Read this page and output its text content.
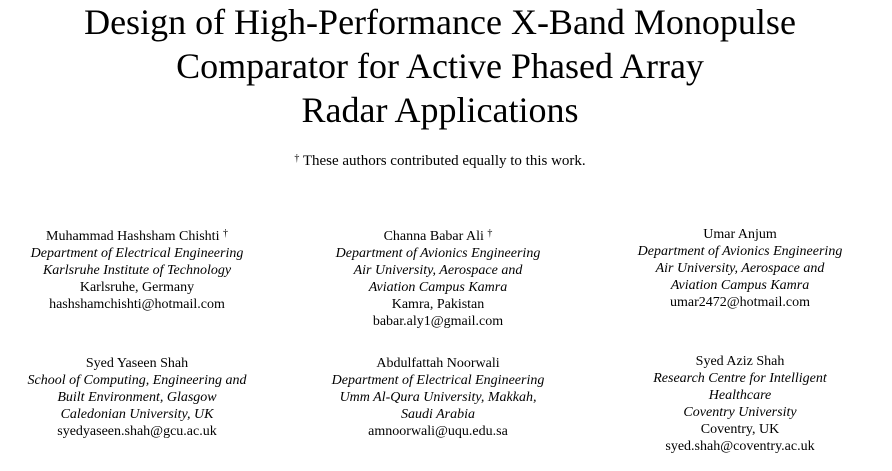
Design of High-Performance X-Band Monopulse
Comparator for Active Phased Array
Radar Applications
† These authors contributed equally to this work.
Muhammad Hashsham Chishti †
Department of Electrical Engineering
Karlsruhe Institute of Technology
Karlsruhe, Germany
hashshamchishti@hotmail.com
Channa Babar Ali †
Department of Avionics Engineering
Air University, Aerospace and
Aviation Campus Kamra
Kamra, Pakistan
babar.aly1@gmail.com
Umar Anjum
Department of Avionics Engineering
Air University, Aerospace and
Aviation Campus Kamra
umar2472@hotmail.com
Syed Yaseen Shah
School of Computing, Engineering and
Built Environment, Glasgow
Caledonian University, UK
syedyaseen.shah@gcu.ac.uk
Abdulfattah Noorwali
Department of Electrical Engineering
Umm Al-Qura University, Makkah,
Saudi Arabia
amnoorwali@uqu.edu.sa
Syed Aziz Shah
Research Centre for Intelligent
Healthcare
Coventry University
Coventry, UK
syed.shah@coventry.ac.uk
